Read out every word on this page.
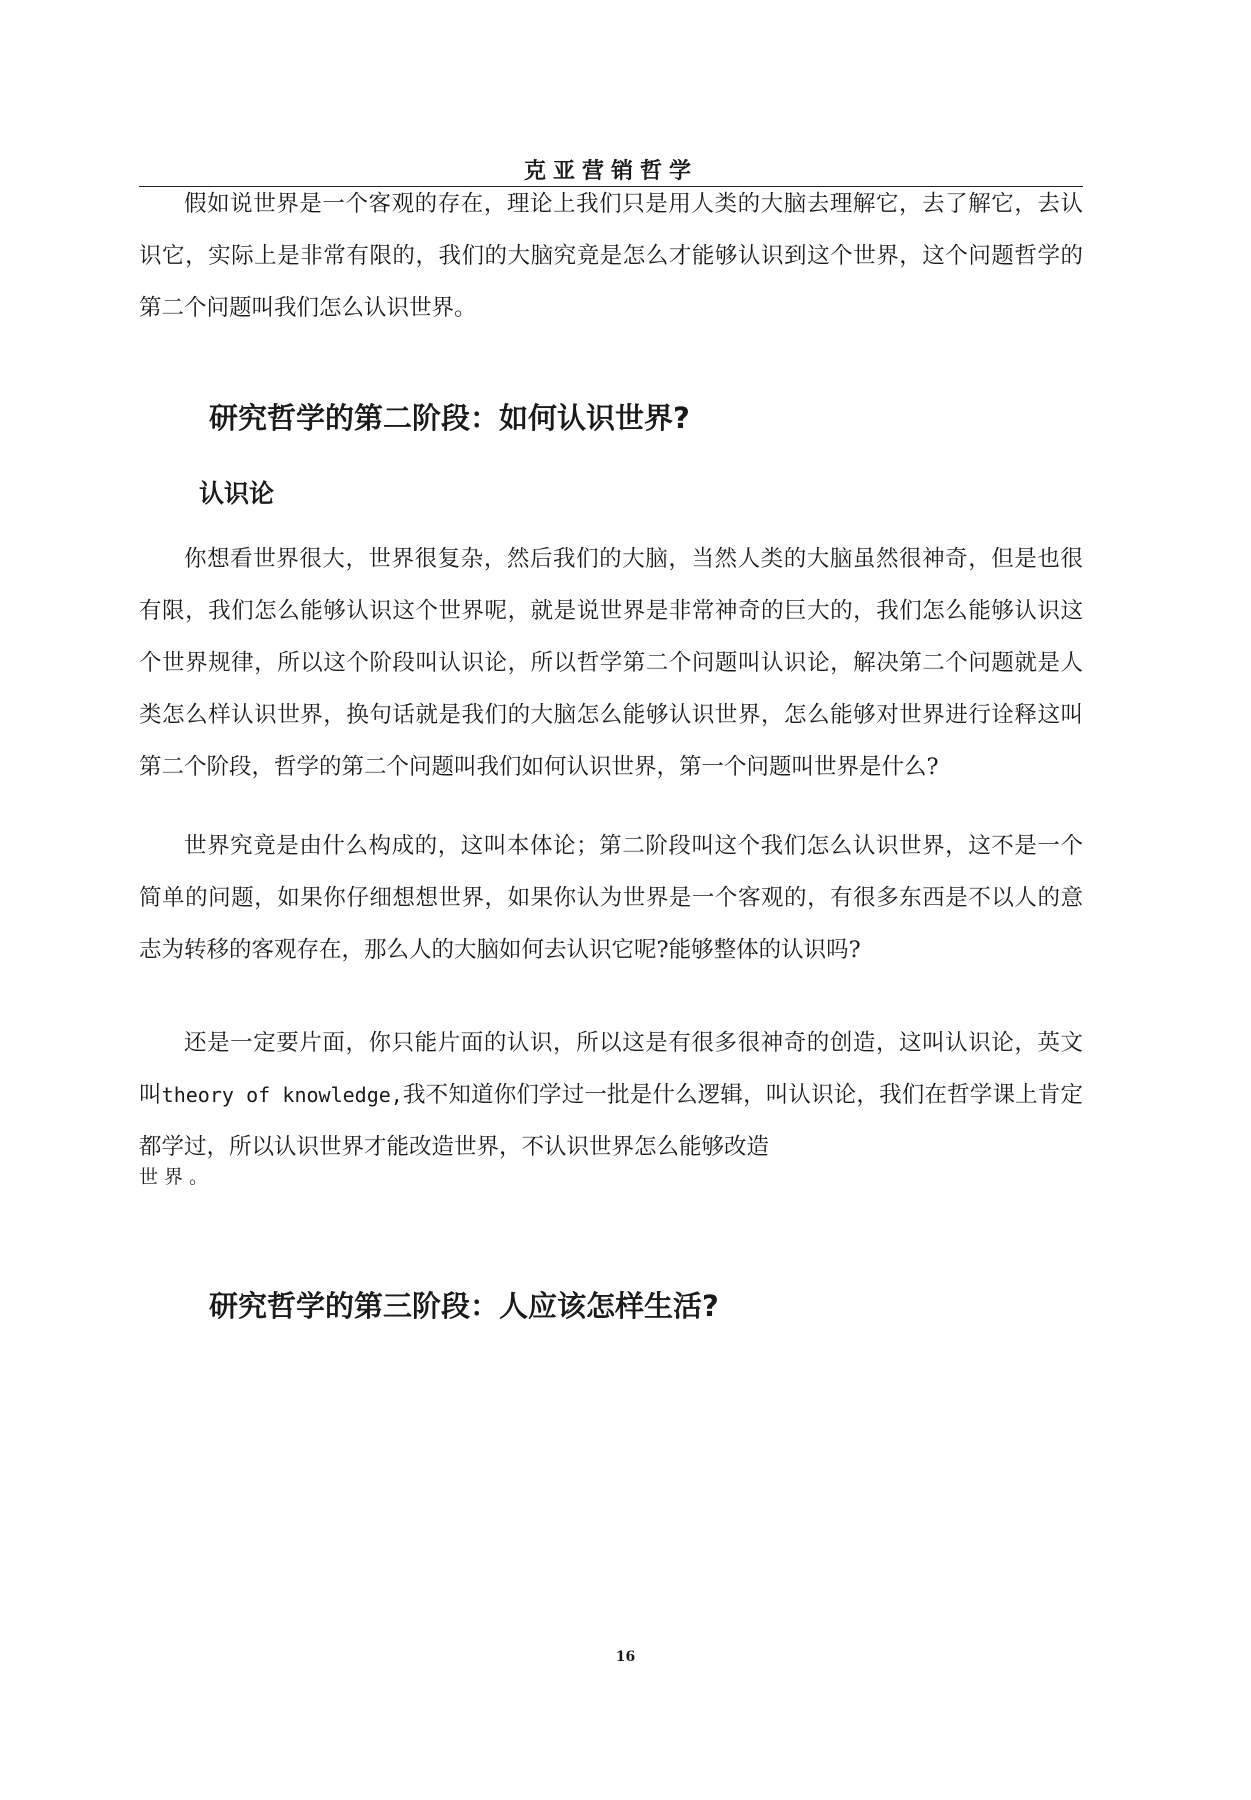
克亚营销哲学

假如说世界是一个客观的存在，理论上我们只是用人类的大脑去理解它，去了解它，去认识它，实际上是非常有限的，我们的大脑究竟是怎么才能够认识到这个世界，这个问题哲学的第二个问题叫我们怎么认识世界。

研究哲学的第二阶段：如何认识世界?
认识论

你想看世界很大，世界很复杂，然后我们的大脑，当然人类的大脑虽然很神奇，但是也很有限，我们怎么能够认识这个世界呢，就是说世界是非常神奇的巨大的，我们怎么能够认识这个世界规律，所以这个阶段叫认识论，所以哲学第二个问题叫认识论，解决第二个问题就是人类怎么样认识世界，换句话就是我们的大脑怎么能够认识世界，怎么能够对世界进行诠释这叫第二个阶段，哲学的第二个问题叫我们如何认识世界，第一个问题叫世界是什么?

世界究竟是由什么构成的，这叫本体论；第二阶段叫这个我们怎么认识世界，这不是一个简单的问题，如果你仔细想想世界，如果你认为世界是一个客观的，有很多东西是不以人的意志为转移的客观存在，那么人的大脑如何去认识它呢?能够整体的认识吗?

还是一定要片面，你只能片面的认识，所以这是有很多很神奇的创造，这叫认识论，英文叫theory of knowledge,我不知道你们学过一批是什么逻辑，叫认识论，我们在哲学课上肯定都学过，所以认识世界才能改造世界，不认识世界怎么能够改造

世界。

研究哲学的第三阶段：人应该怎样生活?
16
